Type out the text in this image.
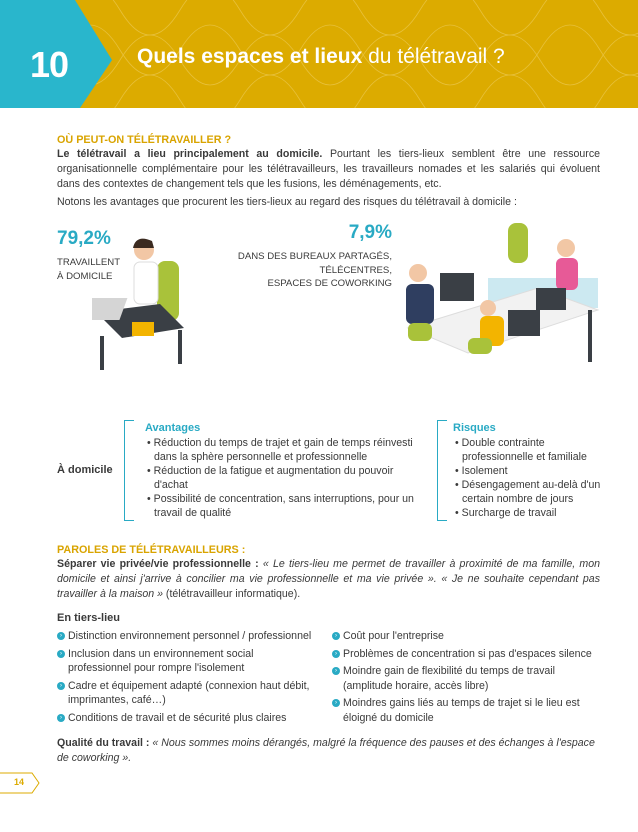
10	Quels espaces et lieux du télétravail ?
OÙ PEUT-ON TÉLÉTRAVAILLER ?
Le télétravail a lieu principalement au domicile. Pourtant les tiers-lieux semblent être une ressource organisationnelle complémentaire pour les télétravailleurs, les travailleurs nomades et les salariés qui évoluent dans des contextes de changement tels que les fusions, les déménagements, etc.
Notons les avantages que procurent les tiers-lieux au regard des risques du télétravail à domicile :
79,2%
TRAVAILLENT
À DOMICILE
7,9%
DANS DES BUREAUX PARTAGÉS,
TÉLÉCENTRES,
ESPACES DE COWORKING
À domicile
Avantages
• Réduction du temps de trajet et gain de temps réinvesti dans la sphère personnelle et professionnelle
• Réduction de la fatigue et augmentation du pouvoir d'achat
• Possibilité de concentration, sans interruptions, pour un travail de qualité
Risques
• Double contrainte professionnelle et familiale
• Isolement
• Désengagement au-delà d'un certain nombre de jours
• Surcharge de travail
PAROLES DE TÉLÉTRAVAILLEURS :
Séparer vie privée/vie professionnelle : « Le tiers-lieu me permet de travailler à proximité de ma famille, mon domicile et ainsi j'arrive à concilier ma vie professionnelle et ma vie privée ». « Je ne souhaite cependant pas travailler à la maison » (télétravailleur informatique).
En tiers-lieu
› Distinction environnement personnel / professionnel
› Inclusion dans un environnement social professionnel pour rompre l'isolement
› Cadre et équipement adapté (connexion haut débit, imprimantes, café…)
› Conditions de travail et de sécurité plus claires
› Coût pour l'entreprise
› Problèmes de concentration si pas d'espaces silence
› Moindre gain de flexibilité du temps de travail (amplitude horaire, accès libre)
› Moindres gains liés au temps de trajet si le lieu est éloigné du domicile
Qualité du travail : « Nous sommes moins dérangés, malgré la fréquence des pauses et des échanges à l'espace de coworking ».
14
